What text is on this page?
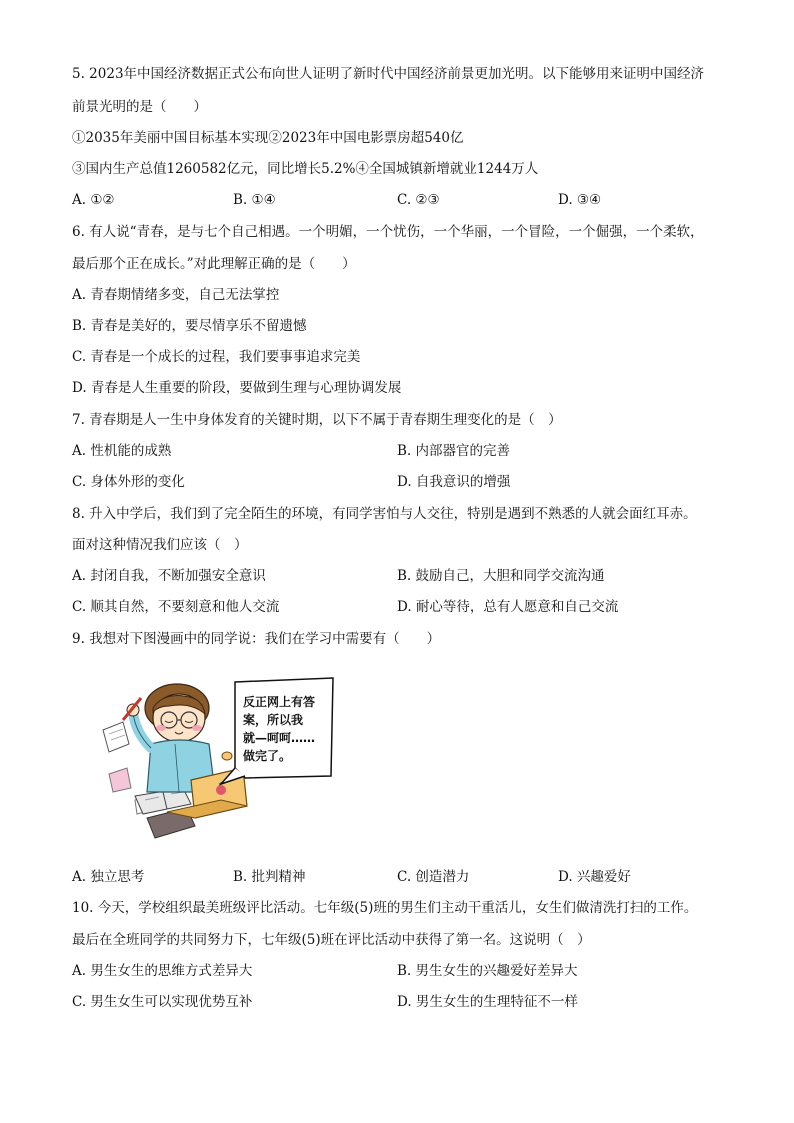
5. 2023年中国经济数据正式公布向世人证明了新时代中国经济前景更加光明。以下能够用来证明中国经济
前景光明的是（　　）
①2035年美丽中国目标基本实现②2023年中国电影票房超540亿
③国内生产总值1260582亿元，同比增长5.2%④全国城镇新增就业1244万人
A. ①②	B. ①④	C. ②③	D. ③④
6. 有人说“青春，是与七个自己相遇。一个明媚，一个忧伤，一个华丽，一个冒险，一个倔强，一个柔软，
最后那个正在成长。”对此理解正确的是（　　）
A. 青春期情绪多变，自己无法掌控
B. 青春是美好的，要尽情享乐不留遗憾
C. 青春是一个成长的过程，我们要事事追求完美
D. 青春是人生重要的阶段，要做到生理与心理协调发展
7. 青春期是人一生中身体发育的关键时期，以下不属于青春期生理变化的是（　）
A. 性机能的成熟	B. 内部器官的完善
C. 身体外形的变化	D. 自我意识的增强
8. 升入中学后，我们到了完全陌生的环境，有同学害怕与人交往，特别是遇到不熟悉的人就会面红耳赤。
面对这种情况我们应该（　）
A. 封闭自我，不断加强安全意识	B. 鼓励自己，大胆和同学交流沟通
C. 顺其自然，不要刻意和他人交流	D. 耐心等待，总有人愿意和自己交流
9. 我想对下图漫画中的同学说：我们在学习中需要有（　　）
反正网上有答
案，所以我
就—呵呵……
做完了。
A. 独立思考	B. 批判精神	C. 创造潜力	D. 兴趣爱好
10. 今天，学校组织最美班级评比活动。七年级(5)班的男生们主动干重活儿，女生们做清洗打扫的工作。
最后在全班同学的共同努力下，七年级(5)班在评比活动中获得了第一名。这说明（　）
A. 男生女生的思维方式差异大	B. 男生女生的兴趣爱好差异大
C. 男生女生可以实现优势互补	D. 男生女生的生理特征不一样
